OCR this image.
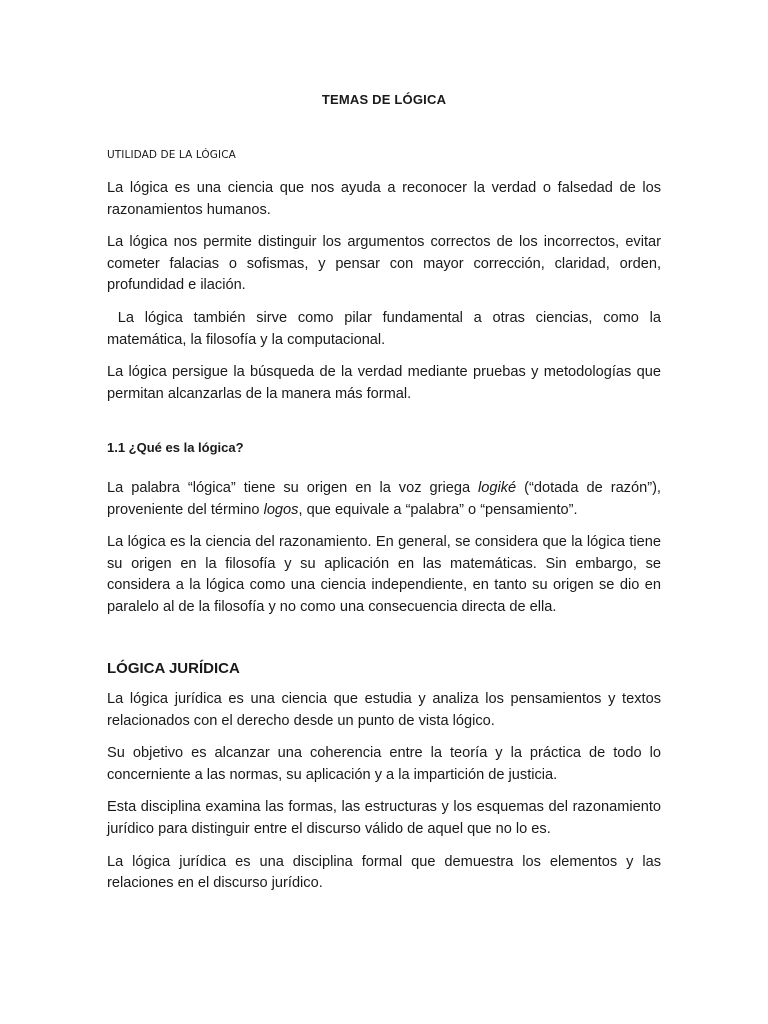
TEMAS DE LÓGICA
UTILIDAD DE LA LÓGICA

La lógica es una ciencia que nos ayuda a reconocer la verdad o falsedad de los razonamientos humanos.

La lógica nos permite distinguir los argumentos correctos de los incorrectos, evitar cometer falacias o sofismas, y pensar con mayor corrección, claridad, orden, profundidad e ilación.

La lógica también sirve como pilar fundamental a otras ciencias, como la matemática, la filosofía y la computacional.

La lógica persigue la búsqueda de la verdad mediante pruebas y metodologías que permitan alcanzarlas de la manera más formal.

1.1 ¿Qué es la lógica?

La palabra “lógica” tiene su origen en la voz griega logiké (“dotada de razón”), proveniente del término logos, que equivale a “palabra” o “pensamiento”.

La lógica es la ciencia del razonamiento. En general, se considera que la lógica tiene su origen en la filosofía y su aplicación en las matemáticas. Sin embargo, se considera a la lógica como una ciencia independiente, en tanto su origen se dio en paralelo al de la filosofía y no como una consecuencia directa de ella.

LÓGICA JURÍDICA

La lógica jurídica es una ciencia que estudia y analiza los pensamientos y textos relacionados con el derecho desde un punto de vista lógico.

Su objetivo es alcanzar una coherencia entre la teoría y la práctica de todo lo concerniente a las normas, su aplicación y a la impartición de justicia.

Esta disciplina examina las formas, las estructuras y los esquemas del razonamiento jurídico para distinguir entre el discurso válido de aquel que no lo es.

La lógica jurídica es una disciplina formal que demuestra los elementos y las relaciones en el discurso jurídico.
